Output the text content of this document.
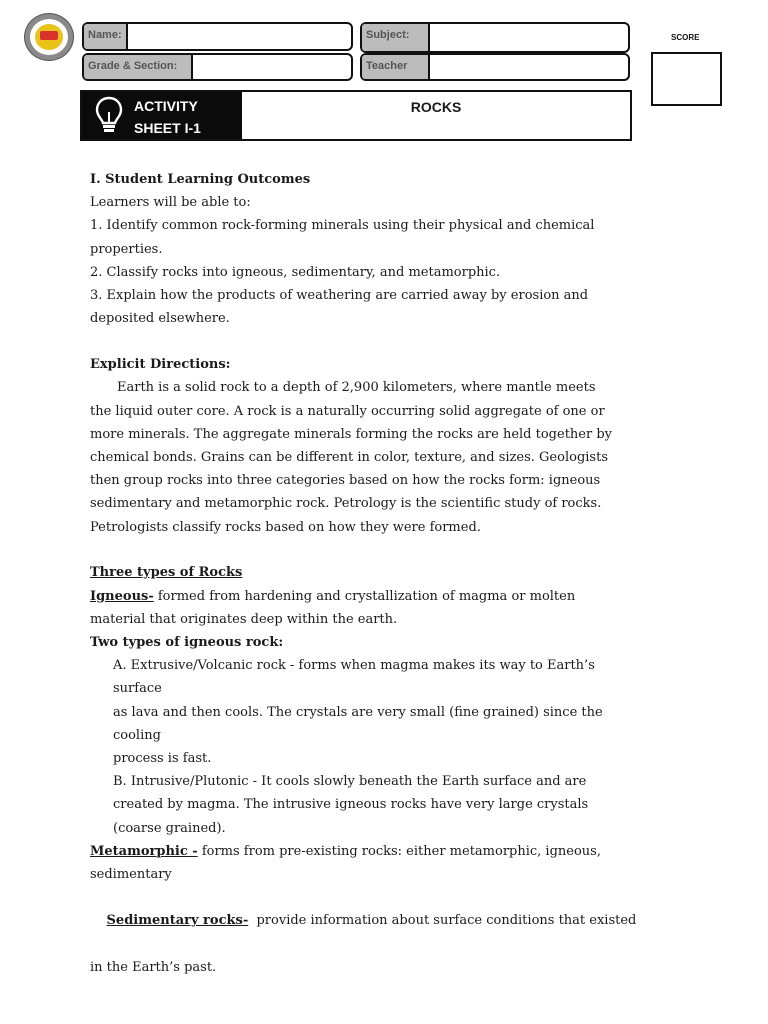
Name:	Subject:
Grade & Section:	Teacher
SCORE
ACTIVITY
SHEET I-1
ROCKS

I. Student Learning Outcomes

Learners will be able to:

1. Identify common rock-forming minerals using their physical and chemical

properties.

2. Classify rocks into igneous, sedimentary, and metamorphic.

3. Explain how the products of weathering are carried away by erosion and

deposited elsewhere.

Explicit Directions:

Earth is a solid rock to a depth of 2,900 kilometers, where mantle meets

the liquid outer core. A rock is a naturally occurring solid aggregate of one or

more minerals. The aggregate minerals forming the rocks are held together by

chemical bonds. Grains can be different in color, texture, and sizes. Geologists

then group rocks into three categories based on how the rocks form: igneous

sedimentary and metamorphic rock. Petrology is the scientific study of rocks.

Petrologists classify rocks based on how they were formed.

Three types of Rocks

Igneous- formed from hardening and crystallization of magma or molten

material that originates deep within the earth.

Two types of igneous rock:

A. Extrusive/Volcanic rock - forms when magma makes its way to Earth’s

surface

as lava and then cools. The crystals are very small (fine grained) since the

cooling

process is fast.

B. Intrusive/Plutonic - It cools slowly beneath the Earth surface and are

created by magma. The intrusive igneous rocks have very large crystals

(coarse grained).

Metamorphic - forms from pre-existing rocks: either metamorphic, igneous,

sedimentary

Sedimentary rocks-  provide information about surface conditions that existed

in the Earth’s past.
